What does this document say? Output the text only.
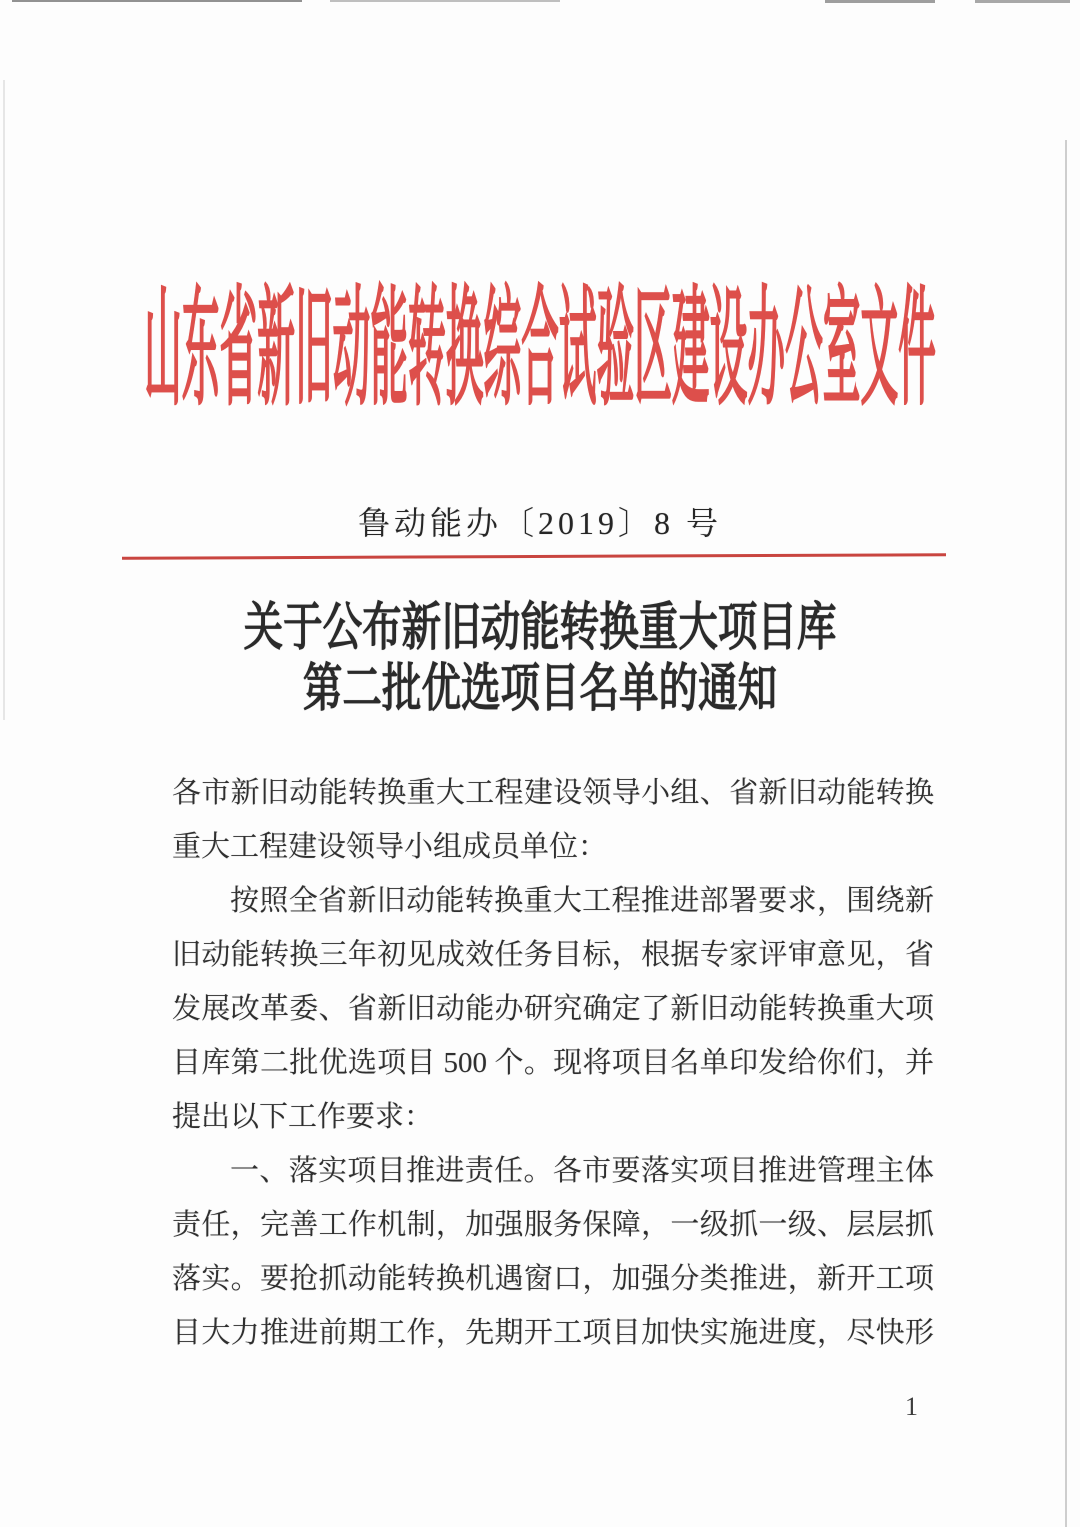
山东省新旧动能转换综合试验区建设办公室文件
鲁动能办〔2019〕8 号
关于公布新旧动能转换重大项目库
第二批优选项目名单的通知
各市新旧动能转换重大工程建设领导小组、省新旧动能转换
重大工程建设领导小组成员单位：
按照全省新旧动能转换重大工程推进部署要求，围绕新
旧动能转换三年初见成效任务目标，根据专家评审意见，省
发展改革委、省新旧动能办研究确定了新旧动能转换重大项
目库第二批优选项目 500 个。现将项目名单印发给你们，并
提出以下工作要求：
一、落实项目推进责任。各市要落实项目推进管理主体
责任，完善工作机制，加强服务保障，一级抓一级、层层抓
落实。要抢抓动能转换机遇窗口，加强分类推进，新开工项
目大力推进前期工作，先期开工项目加快实施进度，尽快形
1
